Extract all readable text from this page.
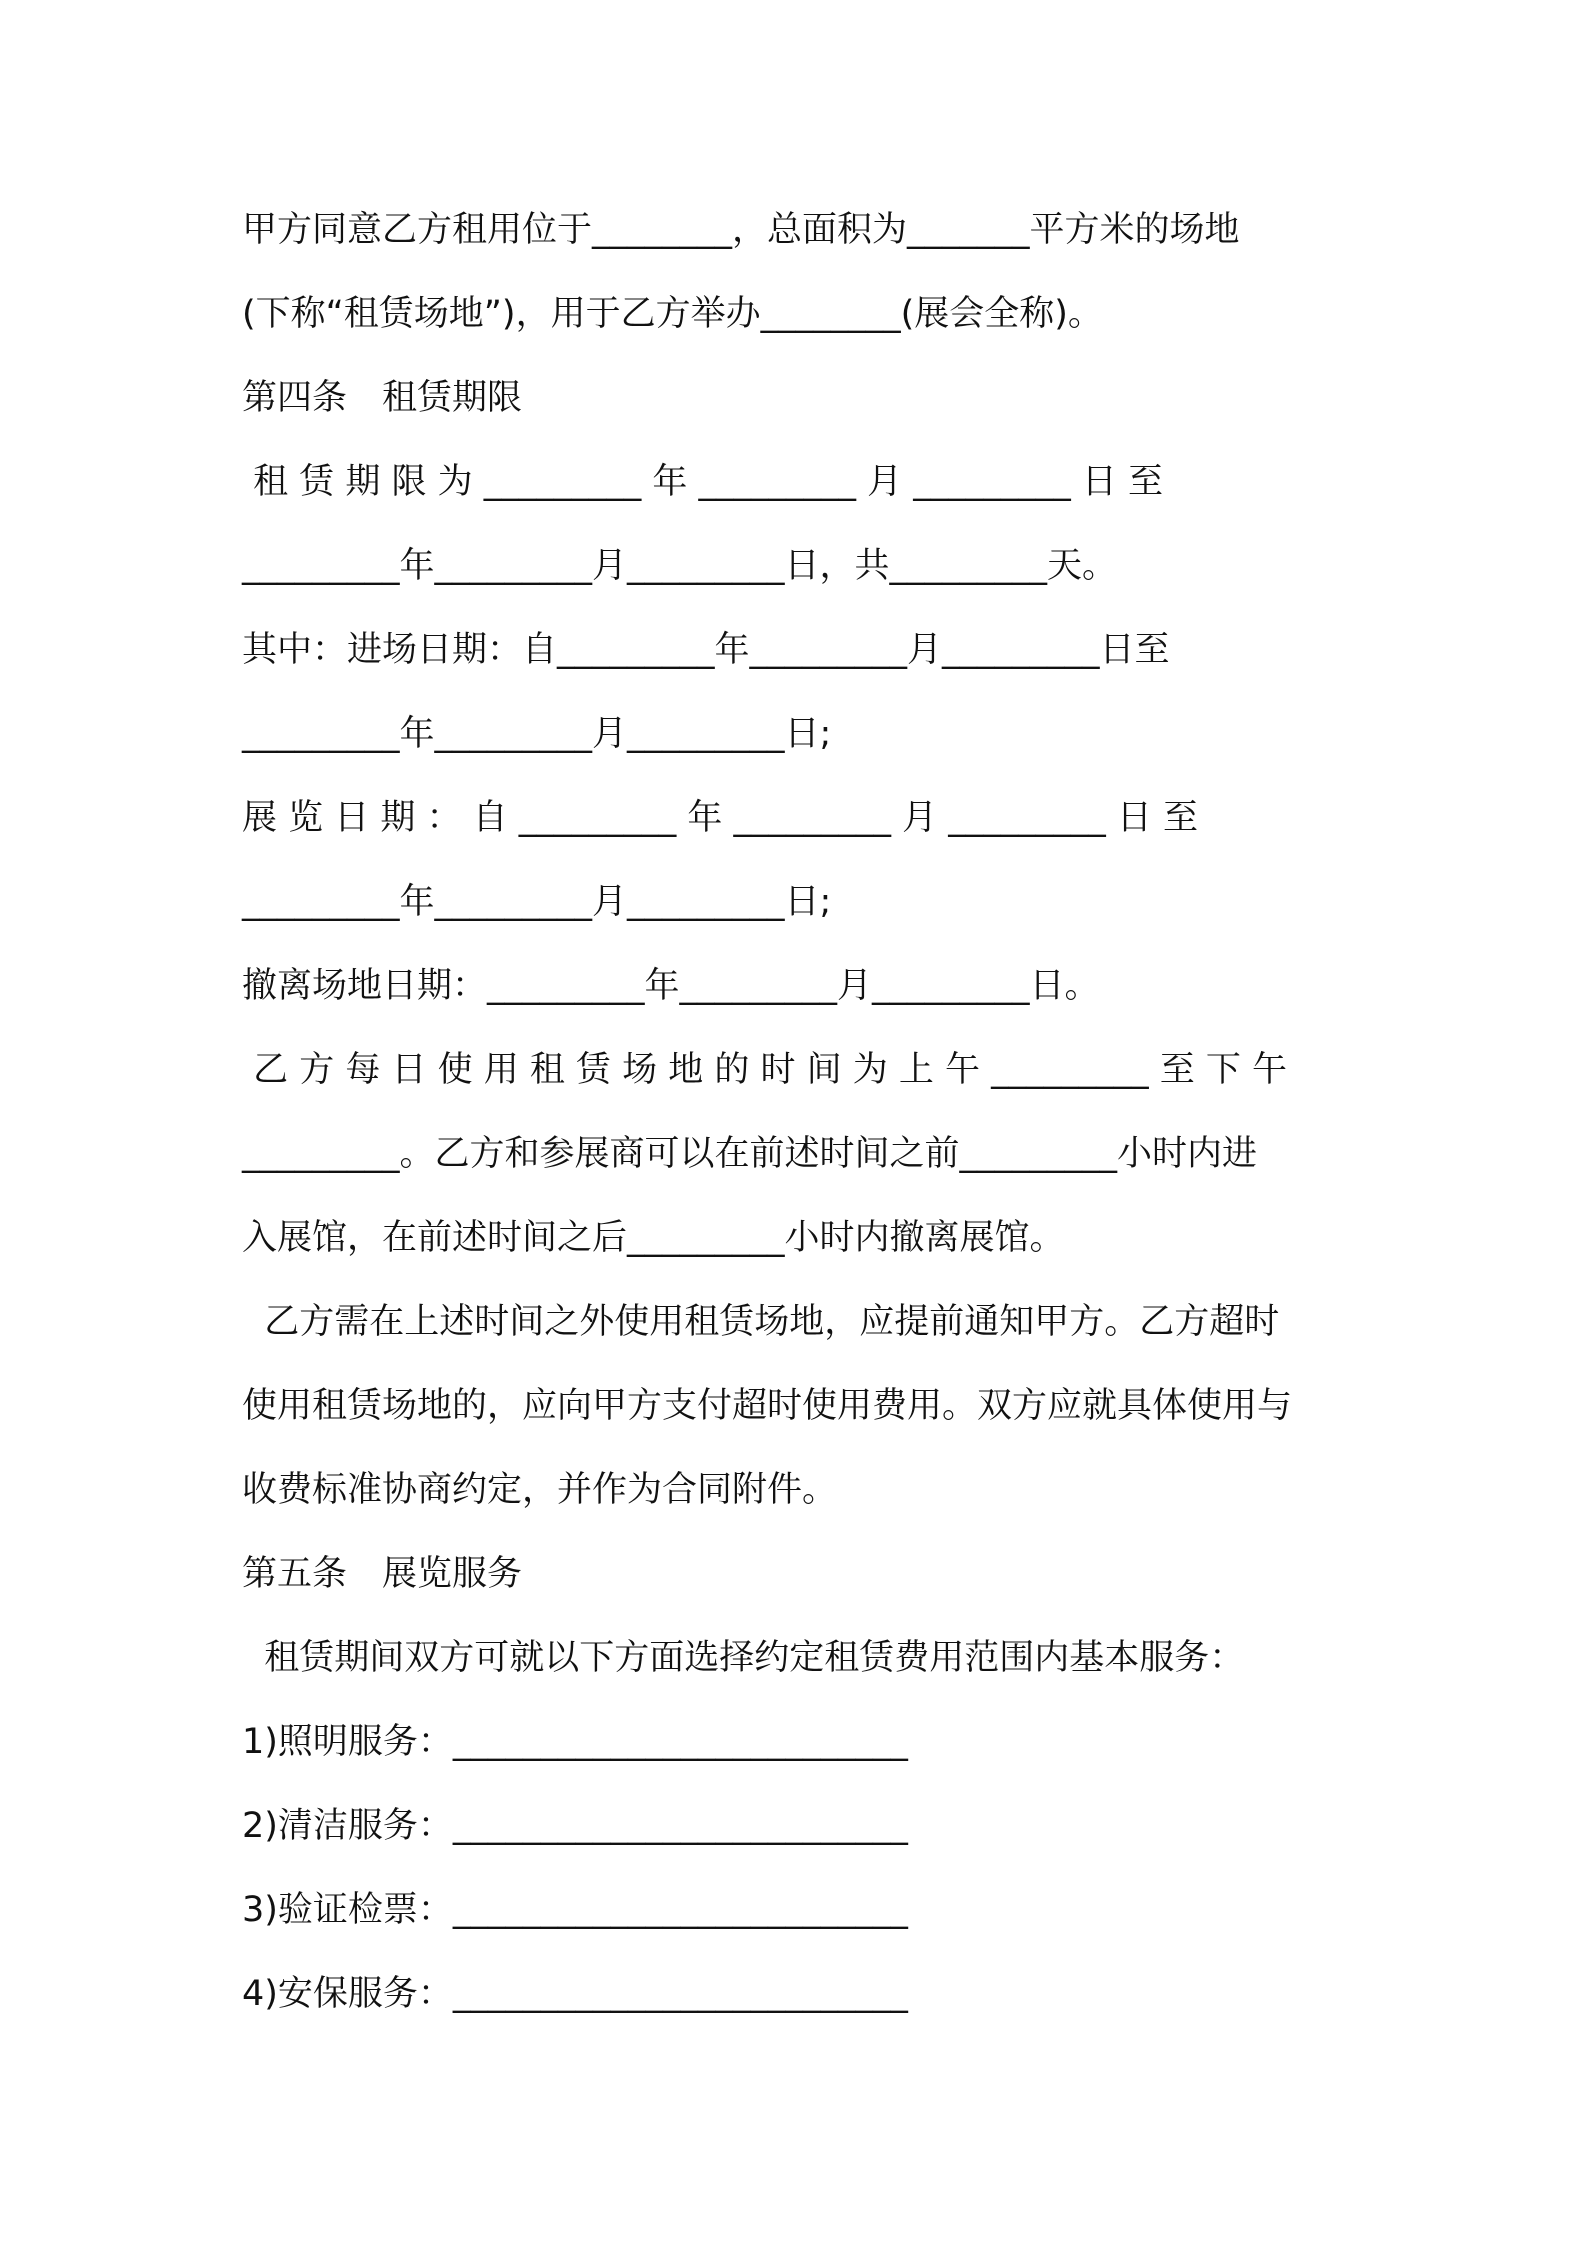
甲方同意乙方租用位于________，总面积为_______平方米的场地
(下称“租赁场地”)，用于乙方举办________(展会全称)。
第四条　租赁期限
租 赁 期 限 为 _________ 年 _________ 月 _________ 日 至
_________年_________月_________日，共_________天。
其中：进场日期：自_________年_________月_________日至
_________年_________月_________日;
展 览 日 期 ： 自 _________ 年 _________ 月 _________ 日 至
_________年_________月_________日;
撤离场地日期：_________年_________月_________日。
乙 方 每 日 使 用 租 赁 场 地 的 时 间 为 上 午 _________ 至 下 午
_________。乙方和参展商可以在前述时间之前_________小时内进
入展馆，在前述时间之后_________小时内撤离展馆。
乙方需在上述时间之外使用租赁场地，应提前通知甲方。乙方超时
使用租赁场地的，应向甲方支付超时使用费用。双方应就具体使用与
收费标准协商约定，并作为合同附件。
第五条　展览服务
租赁期间双方可就以下方面选择约定租赁费用范围内基本服务：
1)照明服务：__________________________
2)清洁服务：__________________________
3)验证检票：__________________________
4)安保服务：__________________________
